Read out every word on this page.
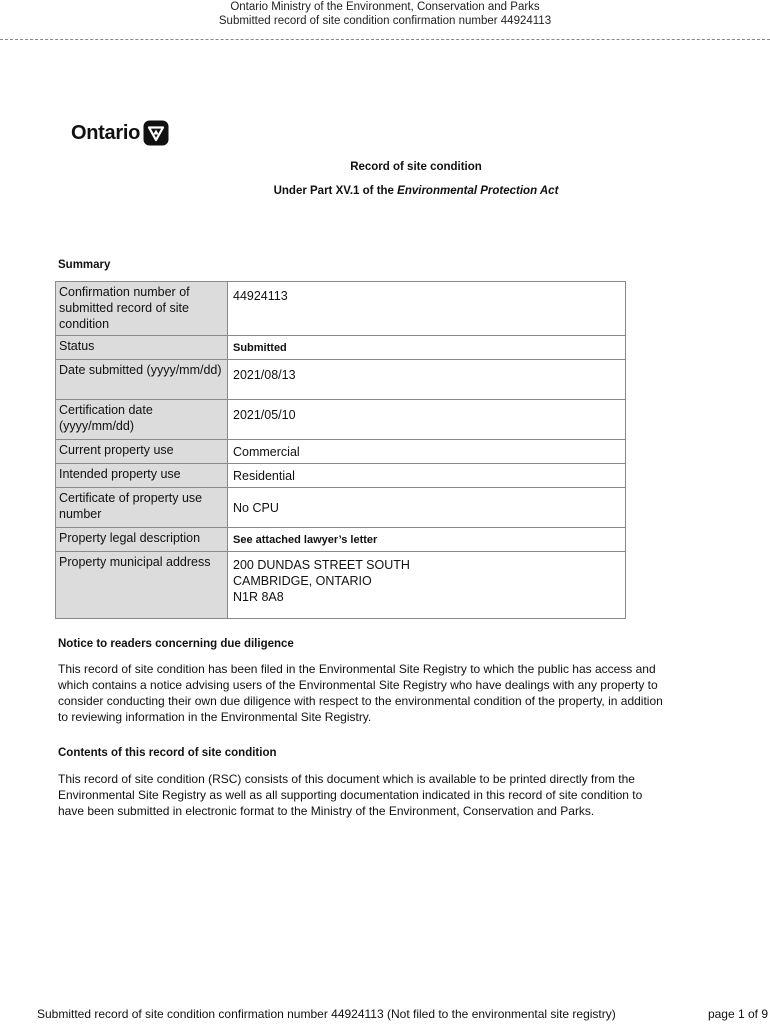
Ontario Ministry of the Environment, Conservation and Parks
Submitted record of site condition confirmation number 44924113
Ontario
Record of site condition
Under Part XV.1 of the Environmental Protection Act
Summary
Confirmation number of submitted record of site condition	44924113
Status	Submitted
Date submitted (yyyy/mm/dd)	2021/08/13
Certification date (yyyy/mm/dd)	2021/05/10
Current property use	Commercial
Intended property use	Residential
Certificate of property use number	No CPU
Property legal description	See attached lawyer’s letter
Property municipal address	200 DUNDAS STREET SOUTH
CAMBRIDGE, ONTARIO
N1R 8A8
Notice to readers concerning due diligence

This record of site condition has been filed in the Environmental Site Registry to which the public has access and which contains a notice advising users of the Environmental Site Registry who have dealings with any property to consider conducting their own due diligence with respect to the environmental condition of the property, in addition to reviewing information in the Environmental Site Registry.

Contents of this record of site condition

This record of site condition (RSC) consists of this document which is available to be printed directly from the Environmental Site Registry as well as all supporting documentation indicated in this record of site condition to have been submitted in electronic format to the Ministry of the Environment, Conservation and Parks.

Submitted record of site condition confirmation number 44924113 (Not filed to the environmental site registry)	page 1 of 9
